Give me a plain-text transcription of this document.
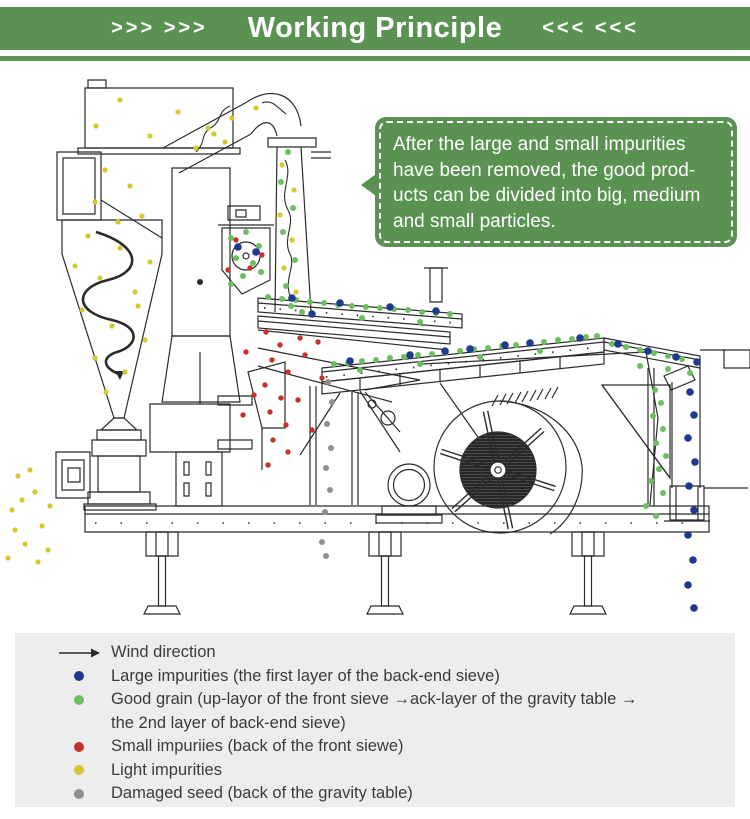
>>> >>> Working Principle <<< <<<
After the large and small impurities
have been removed, the good prod-
ucts can be divided into big, medium
and small particles.
Wind direction
Large impurities (the first layer of the back-end sieve)
Good grain (up-layor of the front sieve →ack-layer of the gravity table →
the 2nd layer of back-end sieve)
Small impuriies (back of the front siewe)
Light impurities
Damaged seed (back of the gravity table)
